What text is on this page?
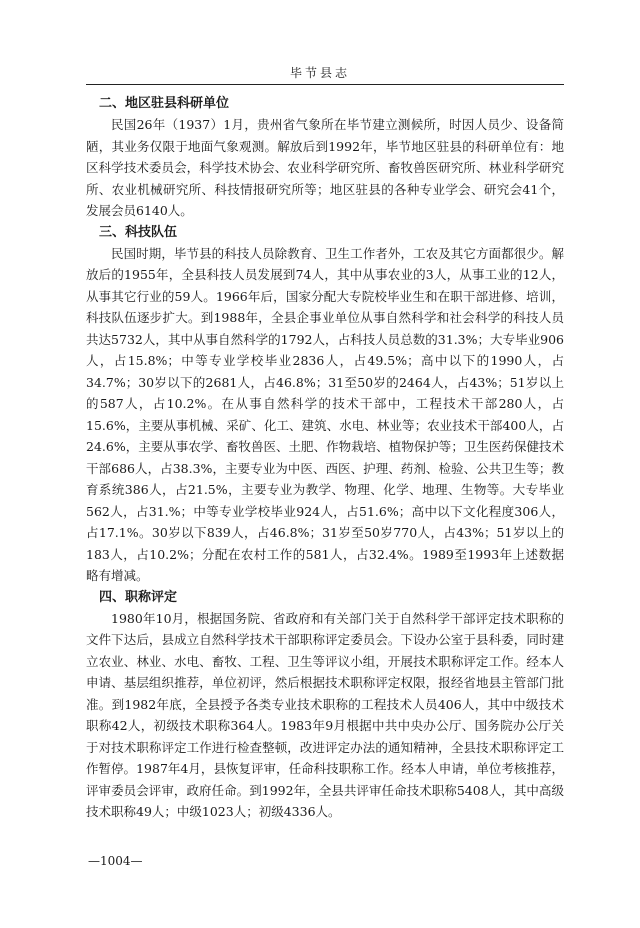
毕节县志
二、地区驻县科研单位

民国26年（1937）1月，贵州省气象所在毕节建立测候所，时因人员少、设备简陋，其业务仅限于地面气象观测。解放后到1992年，毕节地区驻县的科研单位有：地区科学技术委员会，科学技术协会、农业科学研究所、畜牧兽医研究所、林业科学研究所、农业机械研究所、科技情报研究所等；地区驻县的各种专业学会、研究会41个，发展会员6140人。

三、科技队伍

民国时期，毕节县的科技人员除教育、卫生工作者外，工农及其它方面都很少。解放后的1955年，全县科技人员发展到74人，其中从事农业的3人，从事工业的12人，从事其它行业的59人。1966年后，国家分配大专院校毕业生和在职干部进修、培训，科技队伍逐步扩大。到1988年，全县企事业单位从事自然科学和社会科学的科技人员共达5732人，其中从事自然科学的1792人，占科技人员总数的31.3%；大专毕业906人，占15.8%；中等专业学校毕业2836人，占49.5%；高中以下的1990人，占34.7%；30岁以下的2681人，占46.8%；31至50岁的2464人，占43%；51岁以上的587人，占10.2%。在从事自然科学的技术干部中，工程技术干部280人，占15.6%，主要从事机械、采矿、化工、建筑、水电、林业等；农业技术干部400人，占24.6%，主要从事农学、畜牧兽医、土肥、作物栽培、植物保护等；卫生医药保健技术干部686人，占38.3%，主要专业为中医、西医、护理、药剂、检验、公共卫生等；教育系统386人，占21.5%，主要专业为教学、物理、化学、地理、生物等。大专毕业562人，占31.%；中等专业学校毕业924人，占51.6%；高中以下文化程度306人，占17.1%。30岁以下839人，占46.8%；31岁至50岁770人，占43%；51岁以上的183人，占10.2%；分配在农村工作的581人，占32.4%。1989至1993年上述数据略有增减。

四、职称评定

1980年10月，根据国务院、省政府和有关部门关于自然科学干部评定技术职称的文件下达后，县成立自然科学技术干部职称评定委员会。下设办公室于县科委，同时建立农业、林业、水电、畜牧、工程、卫生等评议小组，开展技术职称评定工作。经本人申请、基层组织推荐，单位初评，然后根据技术职称评定权限，报经省地县主管部门批准。到1982年底，全县授予各类专业技术职称的工程技术人员406人，其中中级技术职称42人，初级技术职称364人。1983年9月根据中共中央办公厅、国务院办公厅关于对技术职称评定工作进行检查整顿，改进评定办法的通知精神，全县技术职称评定工作暂停。1987年4月，县恢复评审，任命科技职称工作。经本人申请，单位考核推荐，评审委员会评审，政府任命。到1992年，全县共评审任命技术职称5408人，其中高级技术职称49人；中级1023人；初级4336人。

—1004—
